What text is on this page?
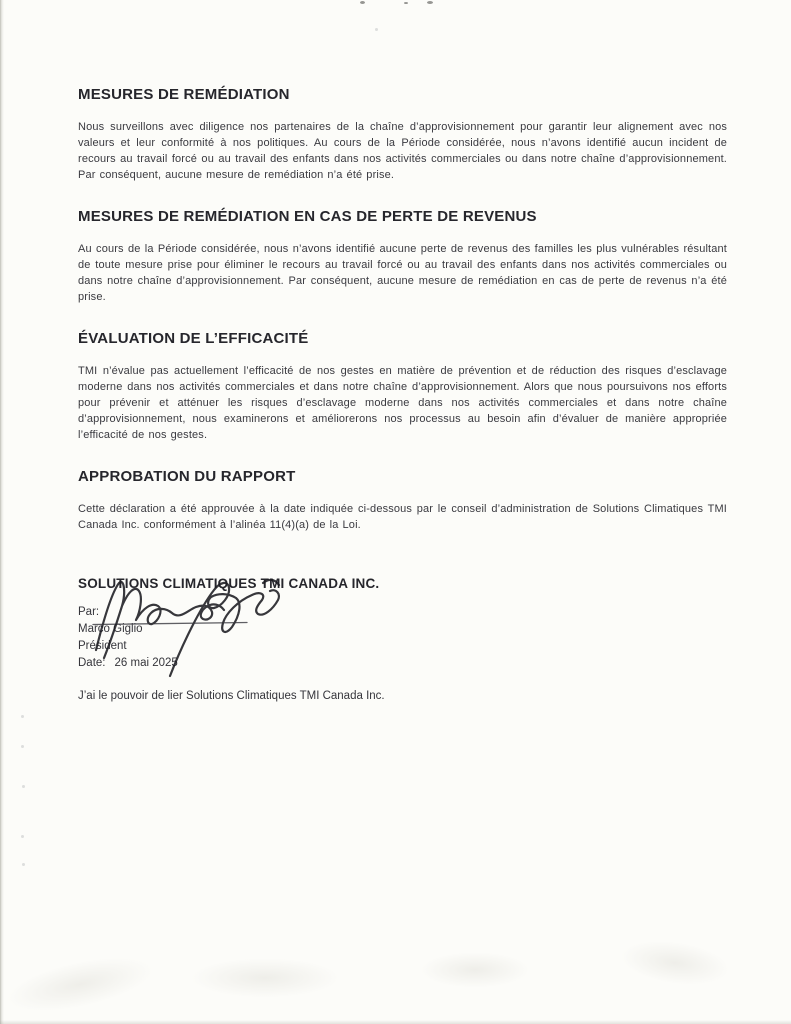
MESURES DE REMÉDIATION

Nous surveillons avec diligence nos partenaires de la chaîne d’approvisionnement pour garantir leur alignement avec nos valeurs et leur conformité à nos politiques. Au cours de la Période considérée, nous n’avons identifié aucun incident de recours au travail forcé ou au travail des enfants dans nos activités commerciales ou dans notre chaîne d’approvisionnement. Par conséquent, aucune mesure de remédiation n’a été prise.

MESURES DE REMÉDIATION EN CAS DE PERTE DE REVENUS

Au cours de la Période considérée, nous n’avons identifié aucune perte de revenus des familles les plus vulnérables résultant de toute mesure prise pour éliminer le recours au travail forcé ou au travail des enfants dans nos activités commerciales ou dans notre chaîne d’approvisionnement. Par conséquent, aucune mesure de remédiation en cas de perte de revenus n’a été prise.

ÉVALUATION DE L’EFFICACITÉ

TMI n’évalue pas actuellement l’efficacité de nos gestes en matière de prévention et de réduction des risques d’esclavage moderne dans nos activités commerciales et dans notre chaîne d’approvisionnement. Alors que nous poursuivons nos efforts pour prévenir et atténuer les risques d’esclavage moderne dans nos activités commerciales et dans notre chaîne d’approvisionnement, nous examinerons et améliorerons nos processus au besoin afin d’évaluer de manière appropriée l’efficacité de nos gestes.

APPROBATION DU RAPPORT

Cette déclaration a été approuvée à la date indiquée ci-dessous par le conseil d’administration de Solutions Climatiques TMI Canada Inc. conformément à l’alinéa 11(4)(a) de la Loi.

SOLUTIONS CLIMATIQUES TMI CANADA INC.
Par:
Marco Giglio
Président
Date: 26 mai 2025
J’ai le pouvoir de lier Solutions Climatiques TMI Canada Inc.
